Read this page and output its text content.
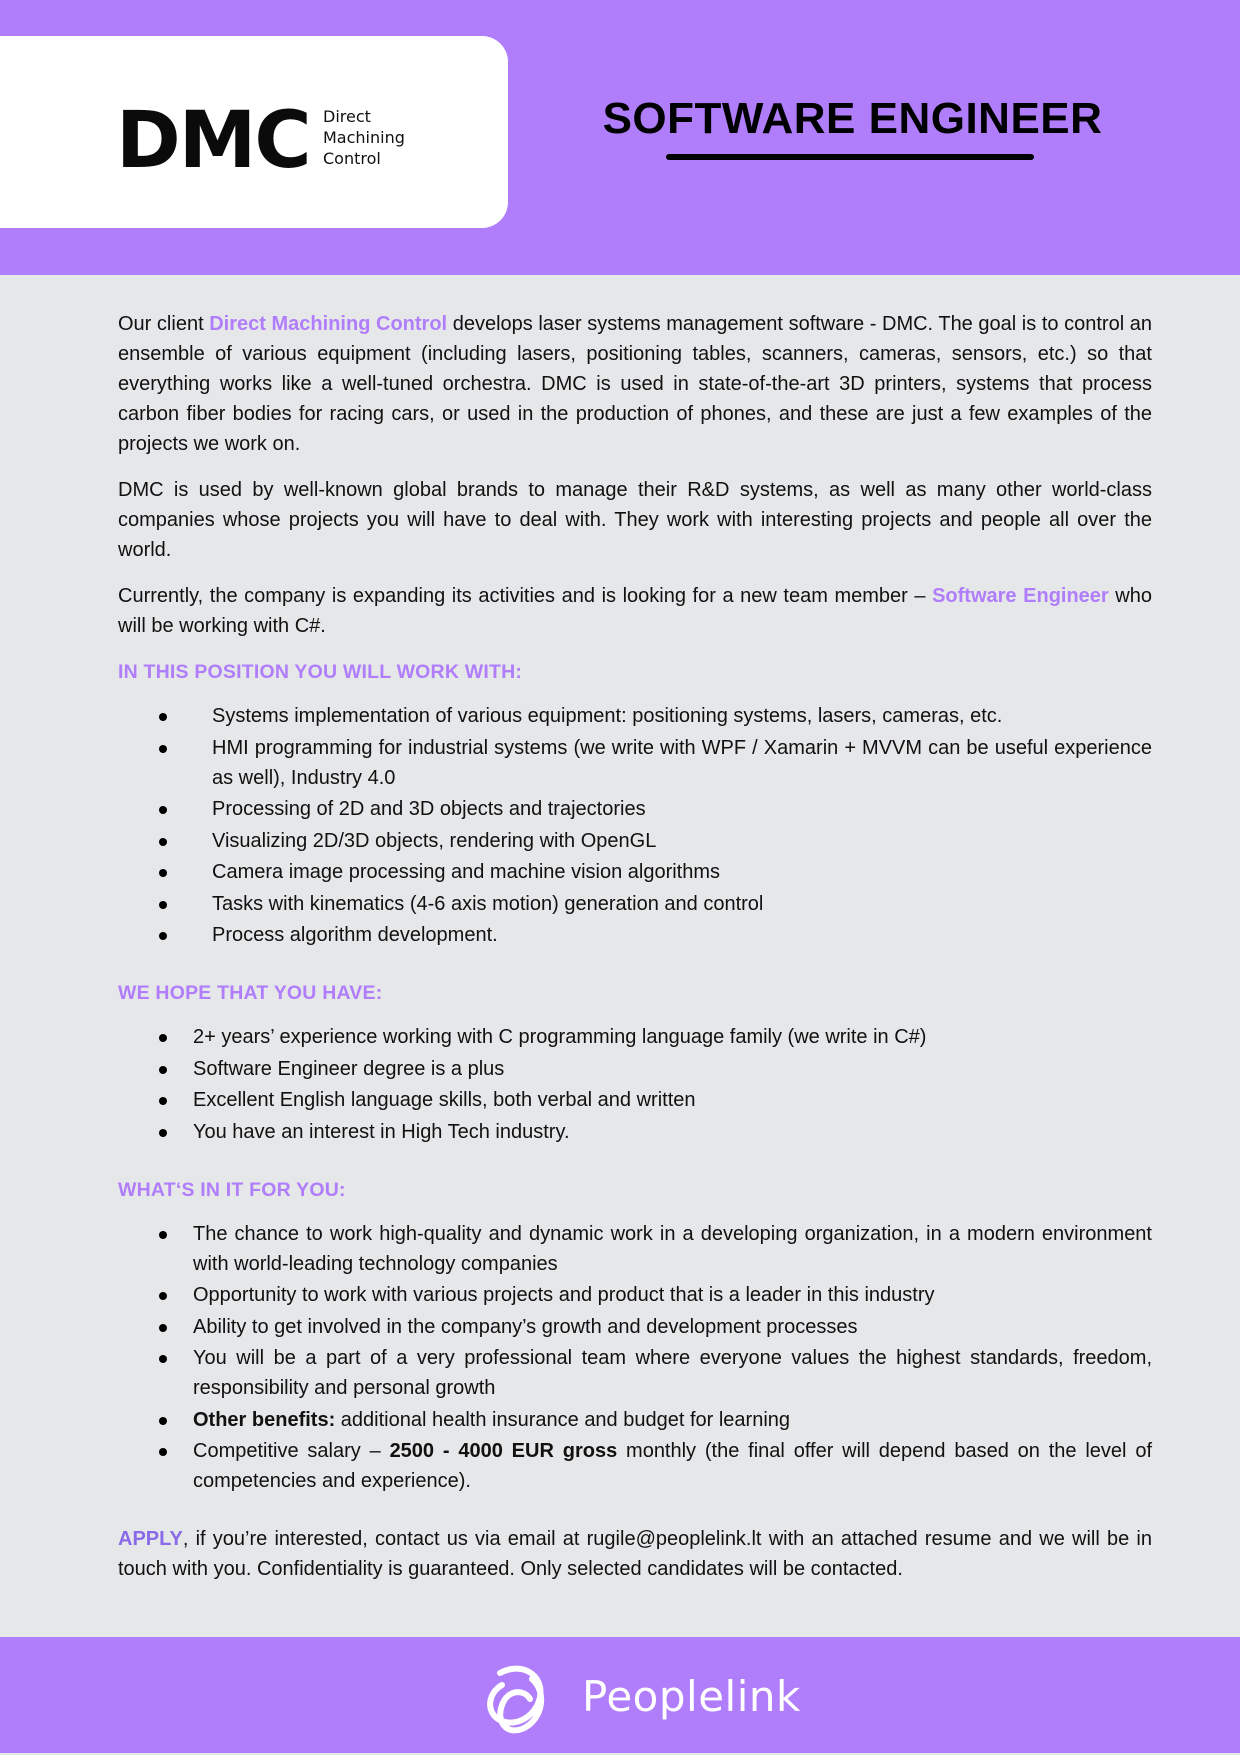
DMC Direct
Machining
Control
SOFTWARE ENGINEER

Our client Direct Machining Control develops laser systems management software - DMC. The goal is to control an ensemble of various equipment (including lasers, positioning tables, scanners, cameras, sensors, etc.) so that everything works like a well-tuned orchestra. DMC is used in state-of-the-art 3D printers, systems that process carbon fiber bodies for racing cars, or used in the production of phones, and these are just a few examples of the projects we work on.

DMC is used by well-known global brands to manage their R&D systems, as well as many other world-class companies whose projects you will have to deal with. They work with interesting projects and people all over the world.

Currently, the company is expanding its activities and is looking for a new team member – Software Engineer who will be working with C#.

IN THIS POSITION YOU WILL WORK WITH:
Systems implementation of various equipment: positioning systems, lasers, cameras, etc.
HMI programming for industrial systems (we write with WPF / Xamarin + MVVM can be useful experience as well), Industry 4.0
Processing of 2D and 3D objects and trajectories
Visualizing 2D/3D objects, rendering with OpenGL
Camera image processing and machine vision algorithms
Tasks with kinematics (4-6 axis motion) generation and control
Process algorithm development.
WE HOPE THAT YOU HAVE:
2+ years’ experience working with C programming language family (we write in C#)
Software Engineer degree is a plus
Excellent English language skills, both verbal and written
You have an interest in High Tech industry.
WHAT‘S IN IT FOR YOU:
The chance to work high-quality and dynamic work in a developing organization, in a modern environment with world-leading technology companies
Opportunity to work with various projects and product that is a leader in this industry
Ability to get involved in the company’s growth and development processes
You will be a part of a very professional team where everyone values the highest standards, freedom, responsibility and personal growth
Other benefits: additional health insurance and budget for learning
Competitive salary – 2500 - 4000 EUR gross monthly (the final offer will depend based on the level of competencies and experience).

APPLY, if you’re interested, contact us via email at rugile@peoplelink.lt with an attached resume and we will be in touch with you. Confidentiality is guaranteed. Only selected candidates will be contacted.

Peoplelink
